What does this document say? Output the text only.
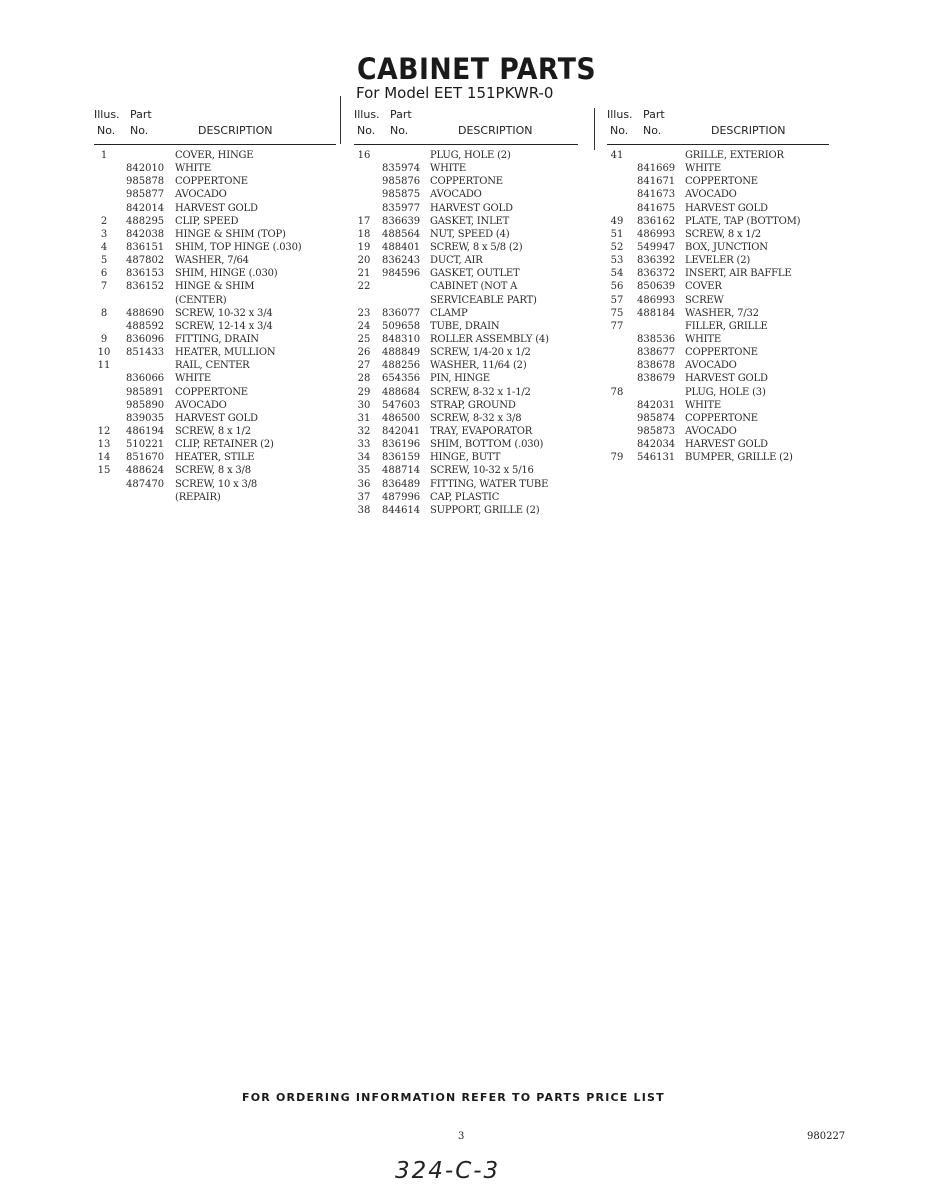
CABINET PARTS
For Model EET 151PKWR-0
Illus. Part
No. No.	DESCRIPTION
1	COVER, HINGE
842010 WHITE
985878 COPPERTONE
985877 AVOCADO
842014 HARVEST GOLD
2	488295 CLIP, SPEED
3	842038 HINGE & SHIM (TOP)
4	836151 SHIM, TOP HINGE (.030)
5	487802 WASHER, 7/64
6	836153 SHIM, HINGE (.030)
7	836152 HINGE & SHIM
(CENTER)
8	488690 SCREW, 10-32 x 3/4
488592 SCREW, 12-14 x 3/4
9	836096 FITTING, DRAIN
10	851433 HEATER, MULLION
11	RAIL, CENTER
836066 WHITE
985891 COPPERTONE
985890 AVOCADO
839035 HARVEST GOLD
12	486194 SCREW, 8 x 1/2
13	510221 CLIP, RETAINER (2)
14	851670 HEATER, STILE
15	488624 SCREW, 8 x 3/8
487470 SCREW, 10 x 3/8
(REPAIR)
Illus. Part
No. No.	DESCRIPTION
16	PLUG, HOLE (2)
835974 WHITE
985876 COPPERTONE
985875 AVOCADO
835977 HARVEST GOLD
17	836639 GASKET, INLET
18	488564 NUT, SPEED (4)
19	488401 SCREW, 8 x 5/8 (2)
20	836243 DUCT, AIR
21	984596 GASKET, OUTLET
22	CABINET (NOT A
SERVICEABLE PART)
23	836077 CLAMP
24	509658 TUBE, DRAIN
25	848310 ROLLER ASSEMBLY (4)
26	488849 SCREW, 1/4-20 x 1/2
27	488256 WASHER, 11/64 (2)
28	654356 PIN, HINGE
29	488684 SCREW, 8-32 x 1-1/2
30	547603 STRAP, GROUND
31	486500 SCREW, 8-32 x 3/8
32	842041 TRAY, EVAPORATOR
33	836196 SHIM, BOTTOM (.030)
34	836159 HINGE, BUTT
35	488714 SCREW, 10-32 x 5/16
36	836489 FITTING, WATER TUBE
37	487996 CAP, PLASTIC
38	844614 SUPPORT, GRILLE (2)
Illus. Part
No. No.	DESCRIPTION
41	GRILLE, EXTERIOR
841669 WHITE
841671 COPPERTONE
841673 AVOCADO
841675 HARVEST GOLD
49	836162 PLATE, TAP (BOTTOM)
51	486993 SCREW, 8 x 1/2
52	549947 BOX, JUNCTION
53	836392 LEVELER (2)
54	836372 INSERT, AIR BAFFLE
56	850639 COVER
57	486993 SCREW
75	488184 WASHER, 7/32
77	FILLER, GRILLE
838536 WHITE
838677 COPPERTONE
838678 AVOCADO
838679 HARVEST GOLD
78	PLUG, HOLE (3)
842031 WHITE
985874 COPPERTONE
985873 AVOCADO
842034 HARVEST GOLD
79	546131 BUMPER, GRILLE (2)

FOR ORDERING INFORMATION REFER TO PARTS PRICE LIST

3	980227
324-C-3
